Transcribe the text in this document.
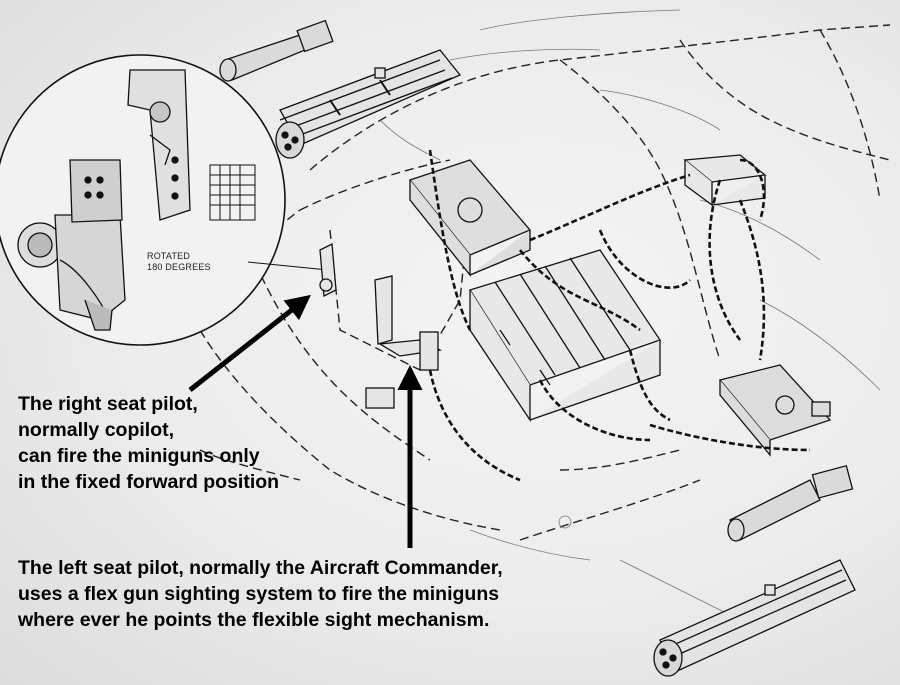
ROTATED
180 DEGREES

The right seat pilot,
normally copilot,
can fire the miniguns only
in the fixed forward position

The left seat pilot, normally the Aircraft Commander,
uses a flex gun sighting system to fire the miniguns
where ever he points the flexible sight mechanism.
